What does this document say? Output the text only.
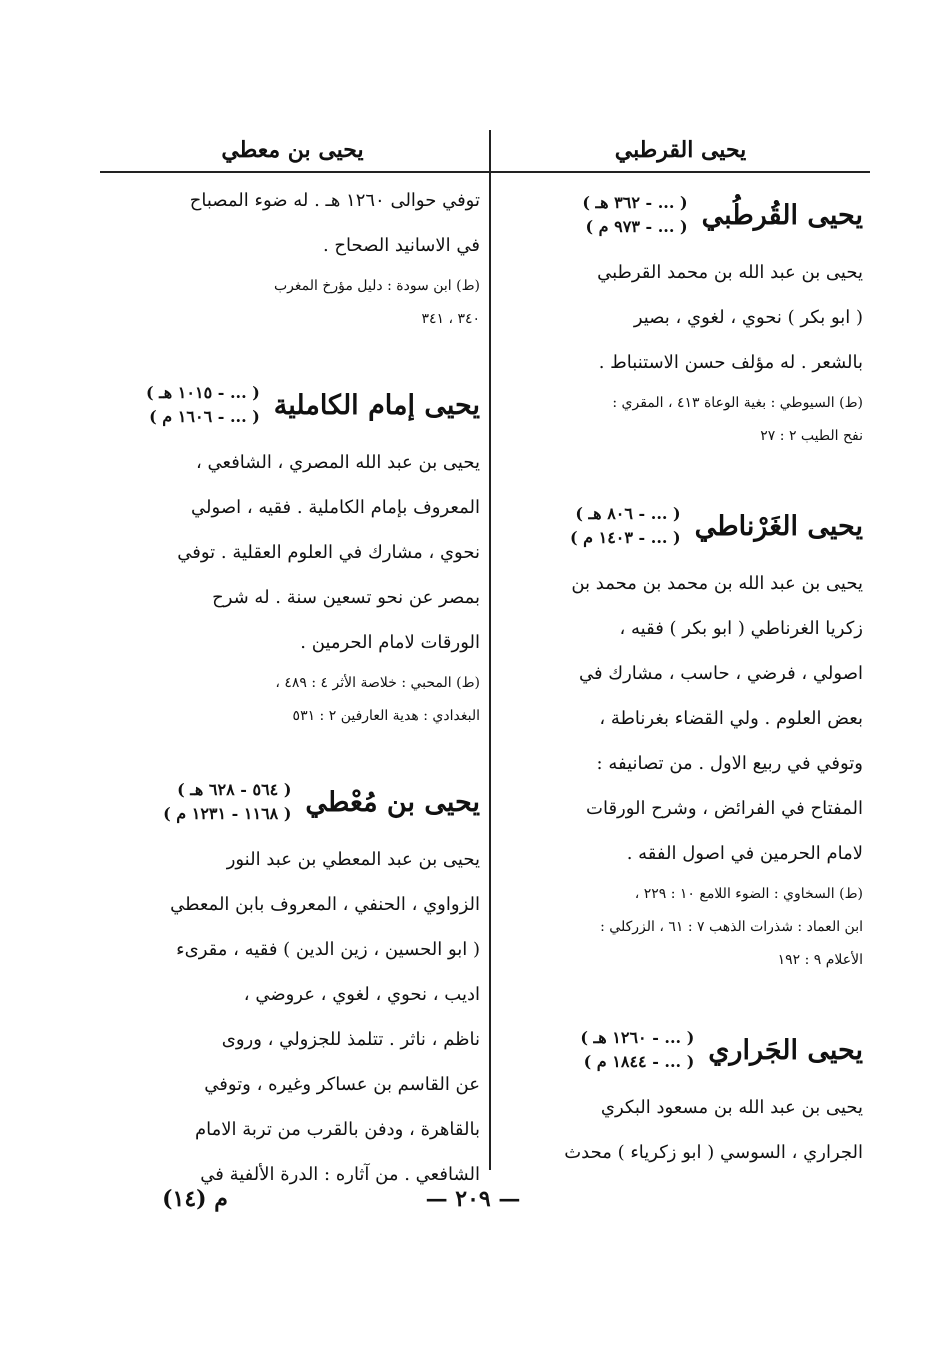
يحيى القرطبي
يحيى القُرطُبي
( ... - ٣٦٢ هـ )
( ... - ٩٧٣ م )

يحيى بن عبد الله بن محمد القرطبي

( ابو بكر ) نحوي ، لغوي ، بصير

بالشعر . له مؤلف حسن الاستنباط .

(ط) السيوطي : بغية الوعاة ٤١٣ ، المقري :

نفح الطيب ٢ : ٢٧

يحيى الغَرْناطي
( ... - ٨٠٦ هـ )
( ... - ١٤٠٣ م )

يحيى بن عبد الله بن محمد بن محمد بن

زكريا الغرناطي ( ابو بكر ) فقيه ،

اصولي ، فرضي ، حاسب ، مشارك في

بعض العلوم . ولي القضاء بغرناطة ،

وتوفي في ربيع الاول . من تصانيفه :

المفتاح في الفرائض ، وشرح الورقات

لامام الحرمين في اصول الفقه .

(ط) السخاوي : الضوء اللامع ١٠ : ٢٢٩ ،

ابن العماد : شذرات الذهب ٧ : ٦١ ، الزركلي :

الأعلام ٩ : ١٩٢

يحيى الجَراري
( ... - ١٢٦٠ هـ )
( ... - ١٨٤٤ م )

يحيى بن عبد الله بن مسعود البكري

الجراري ، السوسي ( ابو زكرياء ) محدث

يحيى بن معطي

توفي حوالى ١٢٦٠ هـ . له ضوء المصباح

في الاسانيد الصحاح .

(ط) ابن سودة : دليل مؤرخ المغرب

٣٤٠ ، ٣٤١

يحيى إمام الكاملية
( ... - ١٠١٥ هـ )
( ... - ١٦٠٦ م )

يحيى بن عبد الله المصري ، الشافعي ،

المعروف بإمام الكاملية . فقيه ، اصولي

نحوي ، مشارك في العلوم العقلية . توفي

بمصر عن نحو تسعين سنة . له شرح

الورقات لامام الحرمين .

(ط) المحبي : خلاصة الأثر ٤ : ٤٨٩ ،

البغدادي : هدية العارفين ٢ : ٥٣١

يحيى بن مُعْطي
( ٥٦٤ - ٦٢٨ هـ )
( ١١٦٨ - ١٢٣١ م )

يحيى بن عبد المعطي بن عبد النور

الزواوي ، الحنفي ، المعروف بابن المعطي

( ابو الحسين ، زين الدين ) فقيه ، مقرىء

اديب ، نحوي ، لغوي ، عروضي ،

ناظم ، ناثر . تتلمذ للجزولي ، وروى

عن القاسم بن عساكر وغيره ، وتوفي

بالقاهرة ، ودفن بالقرب من تربة الامام

الشافعي . من آثاره : الدرة الألفية في

— ٢٠٩ —
م (١٤)
